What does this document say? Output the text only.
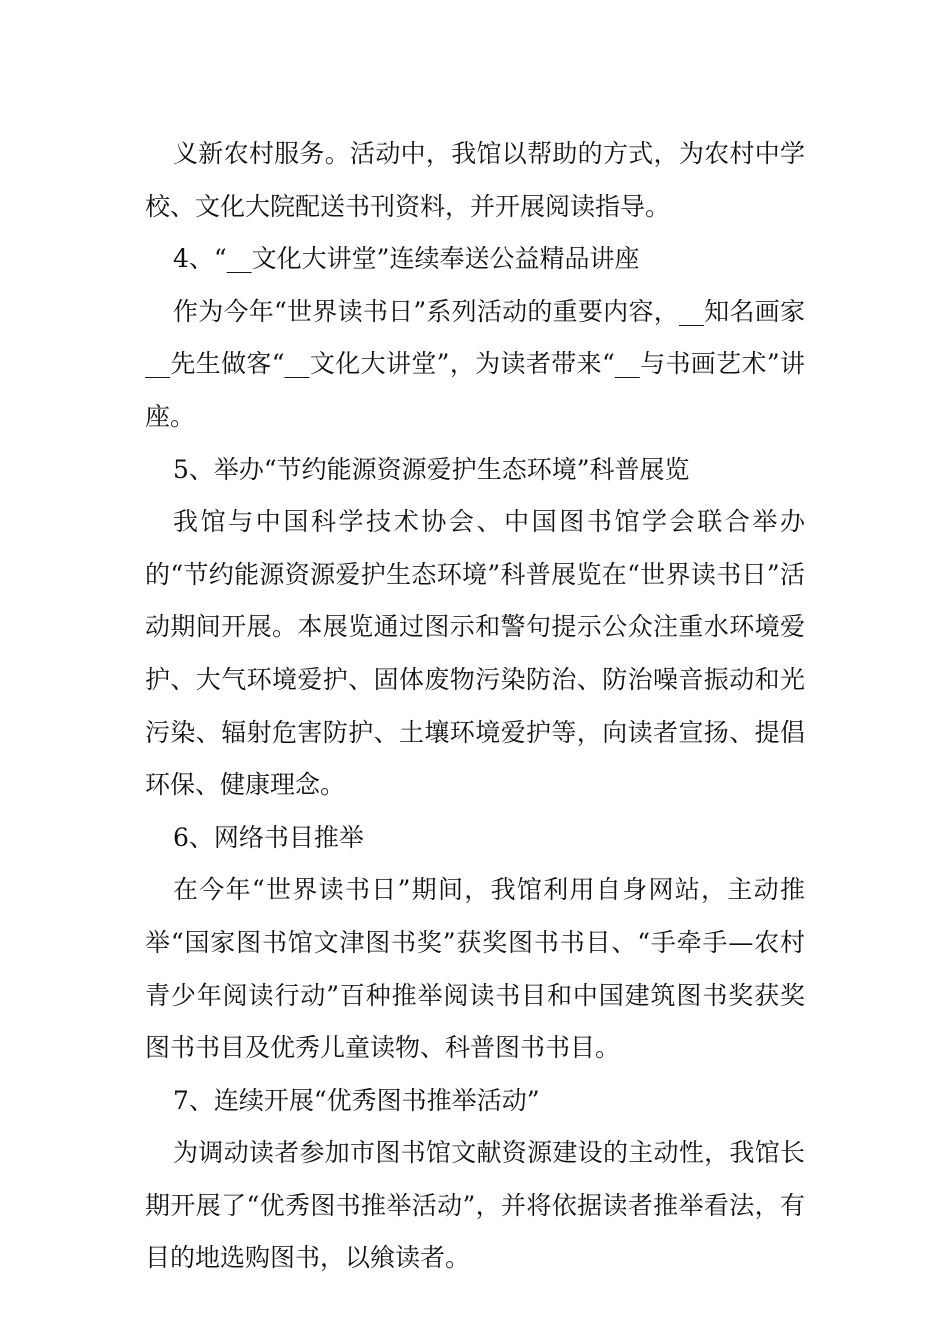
义新农村服务。活动中，我馆以帮助的方式，为农村中学校、文化大院配送书刊资料，并开展阅读指导。

4、“__文化大讲堂”连续奉送公益精品讲座

作为今年“世界读书日”系列活动的重要内容，__知名画家__先生做客“__文化大讲堂”，为读者带来“__与书画艺术”讲座。

5、举办“节约能源资源爱护生态环境”科普展览

我馆与中国科学技术协会、中国图书馆学会联合举办的“节约能源资源爱护生态环境”科普展览在“世界读书日”活动期间开展。本展览通过图示和警句提示公众注重水环境爱护、大气环境爱护、固体废物污染防治、防治噪音振动和光污染、辐射危害防护、土壤环境爱护等，向读者宣扬、提倡环保、健康理念。

6、网络书目推举

在今年“世界读书日”期间，我馆利用自身网站，主动推举“国家图书馆文津图书奖”获奖图书书目、“手牵手—农村青少年阅读行动”百种推举阅读书目和中国建筑图书奖获奖图书书目及优秀儿童读物、科普图书书目。

7、连续开展“优秀图书推举活动”

为调动读者参加市图书馆文献资源建设的主动性，我馆长期开展了“优秀图书推举活动”，并将依据读者推举看法，有目的地选购图书，以飨读者。
